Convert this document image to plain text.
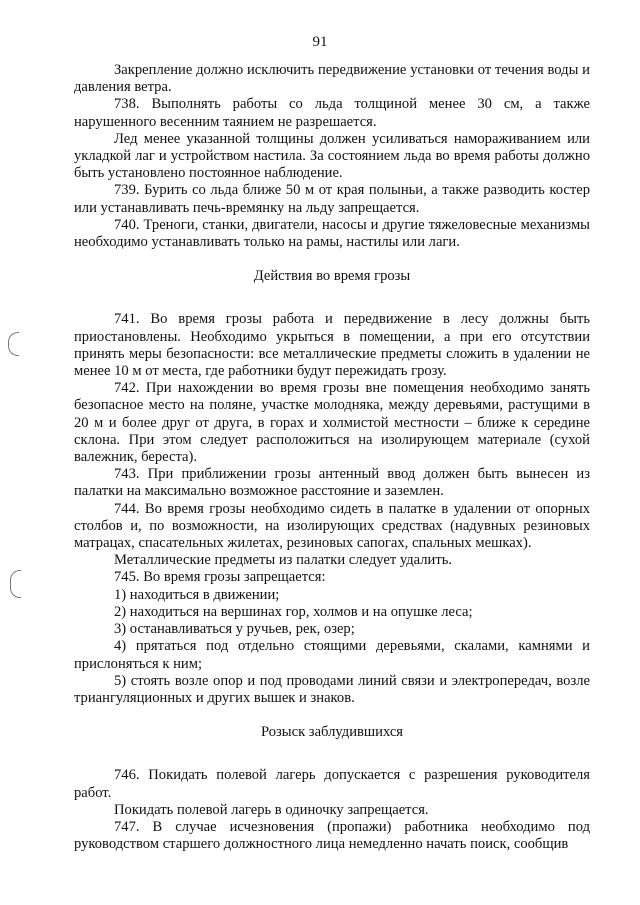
91

Закрепление должно исключить передвижение установки от течения воды и давления ветра.

738. Выполнять работы со льда толщиной менее 30 см, а также нарушенного весенним таянием не разрешается.

Лед менее указанной толщины должен усиливаться намораживанием или укладкой лаг и устройством настила. За состоянием льда во время работы должно быть установлено постоянное наблюдение.

739. Бурить со льда ближе 50 м от края полыньи, а также разводить костер или устанавливать печь-времянку на льду запрещается.

740. Треноги, станки, двигатели, насосы и другие тяжеловесные механизмы необходимо устанавливать только на рамы, настилы или лаги.

Действия во время грозы

741. Во время грозы работа и передвижение в лесу должны быть приостановлены. Необходимо укрыться в помещении, а при его отсутствии принять меры безопасности: все металлические предметы сложить в удалении не менее 10 м от места, где работники будут пережидать грозу.

742. При нахождении во время грозы вне помещения необходимо занять безопасное место на поляне, участке молодняка, между деревьями, растущими в 20 м и более друг от друга, в горах и холмистой местности – ближе к середине склона. При этом следует расположиться на изолирующем материале (сухой валежник, береста).

743. При приближении грозы антенный ввод должен быть вынесен из палатки на максимально возможное расстояние и заземлен.

744. Во время грозы необходимо сидеть в палатке в удалении от опорных столбов и, по возможности, на изолирующих средствах (надувных резиновых матрацах, спасательных жилетах, резиновых сапогах, спальных мешках).

Металлические предметы из палатки следует удалить.

745. Во время грозы запрещается:

1) находиться в движении;

2) находиться на вершинах гор, холмов и на опушке леса;

3) останавливаться у ручьев, рек, озер;

4) прятаться под отдельно стоящими деревьями, скалами, камнями и прислоняться к ним;

5) стоять возле опор и под проводами линий связи и электропередач, возле триангуляционных и других вышек и знаков.

Розыск заблудившихся

746. Покидать полевой лагерь допускается с разрешения руководителя работ.

Покидать полевой лагерь в одиночку запрещается.

747. В случае исчезновения (пропажи) работника необходимо под руководством старшего должностного лица немедленно начать поиск, сообщив
